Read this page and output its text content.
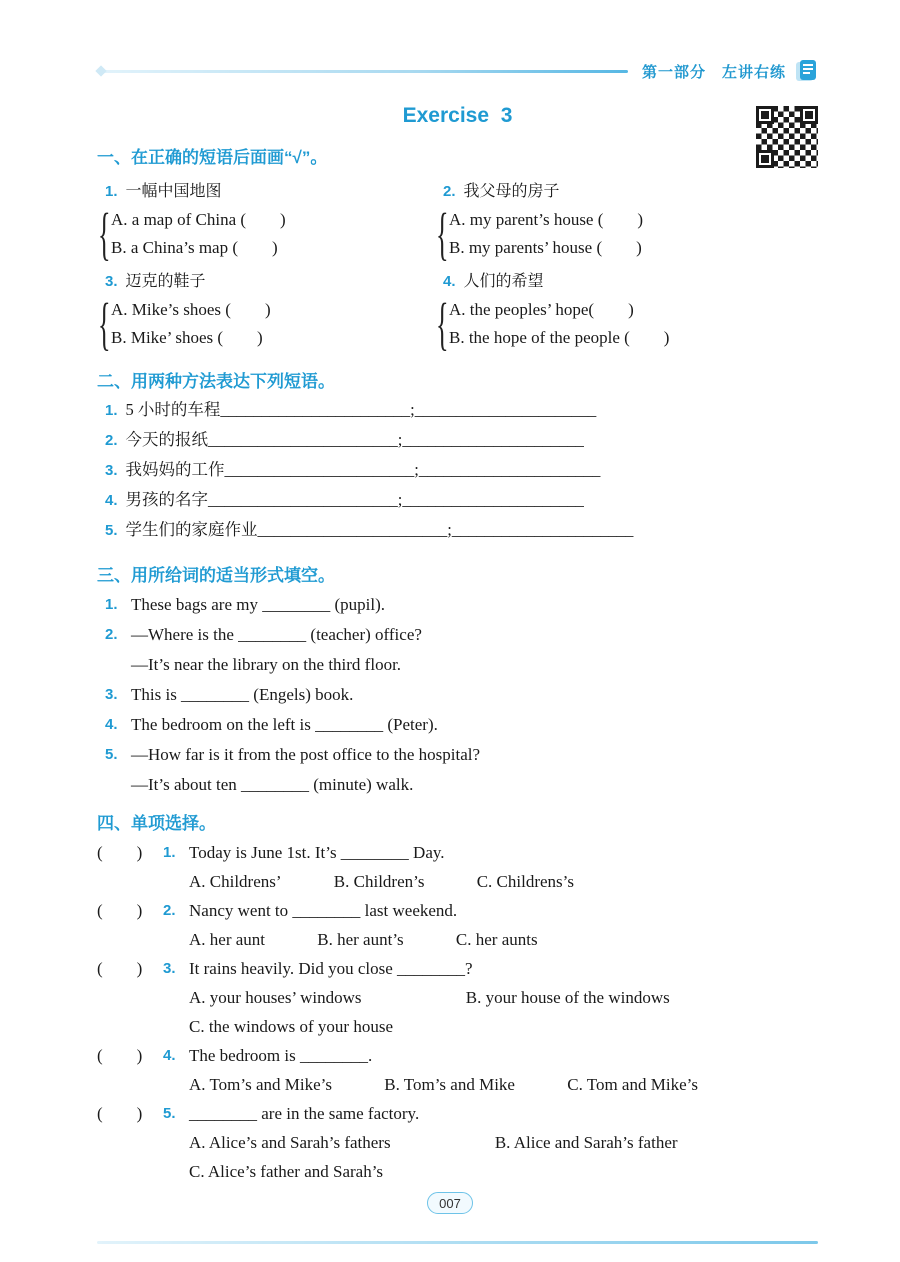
第一部分　左讲右练
Exercise  3
一、在正确的短语后面画“√”。
1. 一幅中国地图
{ A. a map of China (　　)
B. a China’s map (　　)
2. 我父母的房子
{ A. my parent’s house (　　)
B. my parents’ house (　　)
3. 迈克的鞋子
{ A. Mike’s shoes (　　)
B. Mike’ shoes (　　)
4. 人们的希望
{ A. the peoples’ hope(　　)
B. the hope of the people (　　)
二、用两种方法表达下列短语。
1. 5 小时的车程_______________________;______________________
2. 今天的报纸_______________________;______________________
3. 我妈妈的工作_______________________;______________________
4. 男孩的名字_______________________;______________________
5. 学生们的家庭作业_______________________;______________________
三、用所给词的适当形式填空。
1. These bags are my ________ (pupil).
2. —Where is the ________ (teacher) office?
—It’s near the library on the third floor.
3. This is ________ (Engels) book.
4. The bedroom on the left is ________ (Peter).
5. —How far is it from the post office to the hospital?
—It’s about ten ________ (minute) walk.
四、单项选择。
(　　)	1. Today is June 1st. It’s ________ Day.
A. Childrens’	B. Children’s	C. Childrens’s
(　　)	2. Nancy went to ________ last weekend.
A. her aunt	B. her aunt’s	C. her aunts
(　　)	3. It rains heavily. Did you close ________?
A. your houses’ windows	B. your house of the windows
C. the windows of your house
(　　)	4. The bedroom is ________.
A. Tom’s and Mike’s	B. Tom’s and Mike	C. Tom and Mike’s
(　　)	5. ________ are in the same factory.
A. Alice’s and Sarah’s fathers	B. Alice and Sarah’s father
C. Alice’s father and Sarah’s
007
